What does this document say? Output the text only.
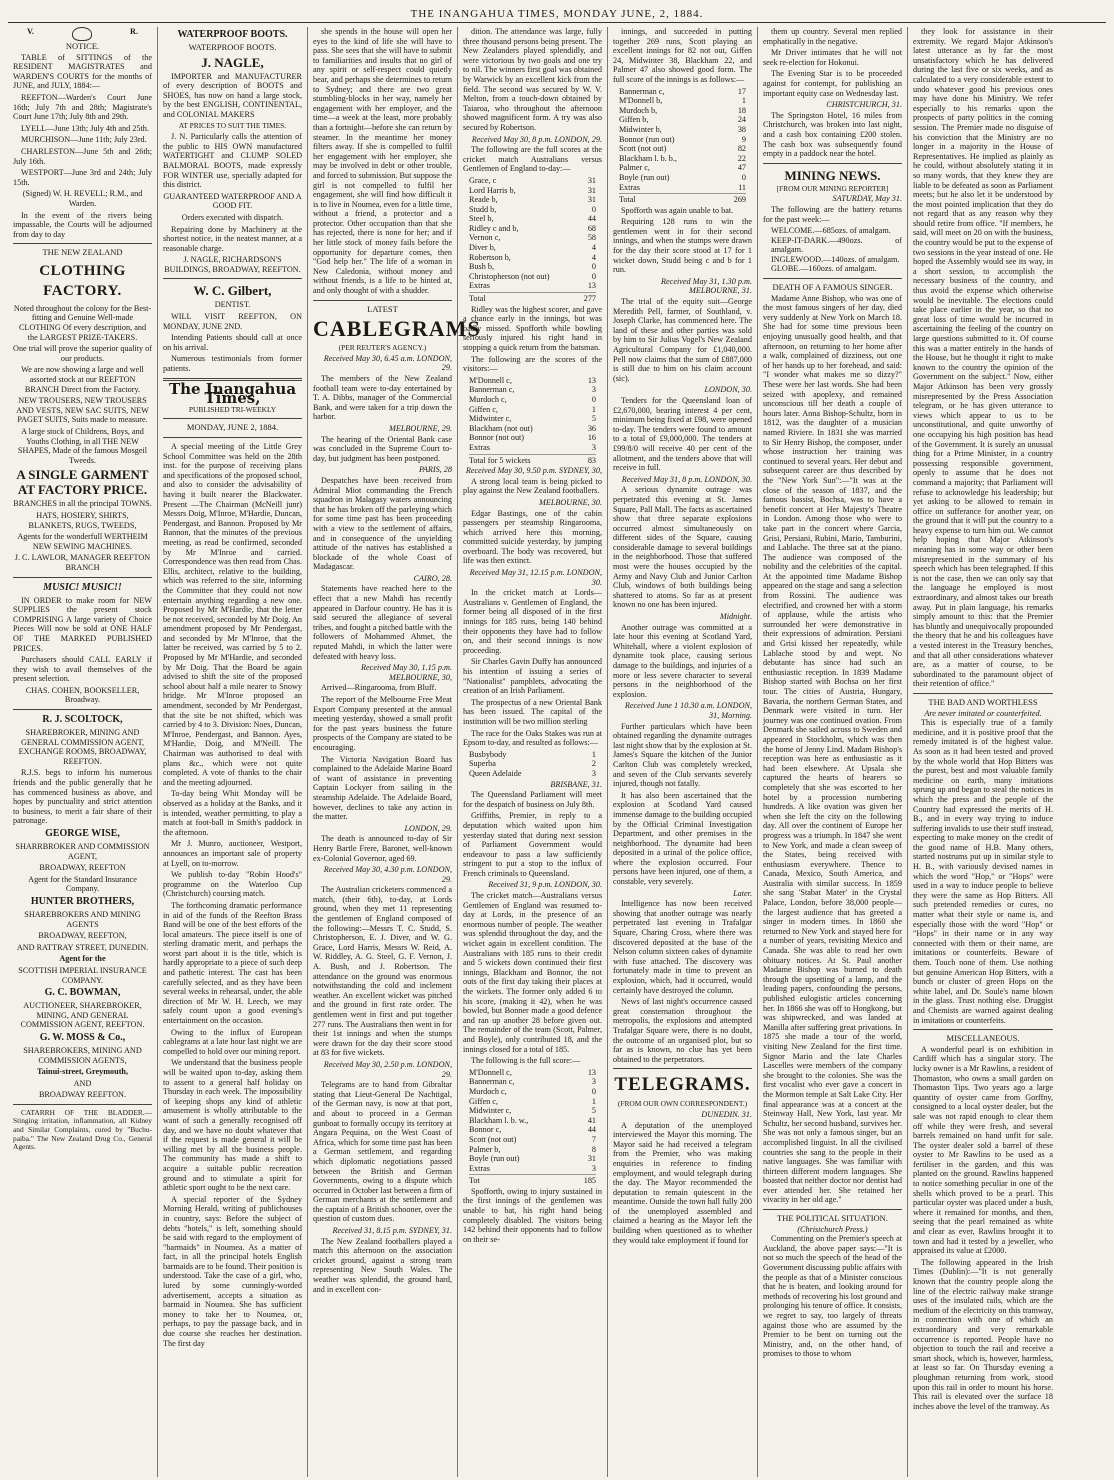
THE INANGAHUA TIMES, MONDAY JUNE, 2, 1884.
V.	R.
NOTICE.

TABLE of SITTINGS of the RESIDENT MAGISTRATES and WARDEN'S COURTS for the months of JUNE, and JULY, 1884:—

REEFTON—Warden's Court June 16th; July 7th and 28th; Magistrate's Court June 17th; July 8th and 29th.

LYELL—June 13th; July 4th and 25th.

MURCHISON—June 11th; July 23rd.

CHARLESTON—June 5th and 26th; July 16th.

WESTPORT—June 3rd and 24th; July 15th.

(Signed) W. H. REVELL; R.M., and Warden.

In the event of the rivers being impassable, the Courts will be adjourned from day to day

THE NEW ZEALAND
CLOTHING FACTORY.

Noted throughout the colony for the Best-fitting and Genuine Well-made CLOTHING Of every description, and the LARGEST PRIZE-TAKERS.

One trial will prove the superior quality of our products.

We are now showing a large and well assorted stock at our REEFTON BRANCH Direct from the Factory.

NEW TROUSERS, NEW TROUSERS AND VESTS, NEW SAC SUITS, NEW PAGET SUITS, Suits made to measure.

A large stock of Childrens, Boys, and Youths Clothing, in all THE NEW SHAPES, Made of the famous Mosgeil Tweeds.

A SINGLE GARMENT AT FACTORY PRICE.

BRANCHES in all the principal TOWNS.

HATS, HOSIERY, SHIRTS, BLANKETS, RUGS, TWEEDS,

Agents for the wonderfull WERTHEIM NEW SEWING MACHINES.

J. C. LAWLOR, MANAGER REEFTON BRANCH

MUSIC! MUSIC!!

IN ORDER to make room for NEW SUPPLIES the present stock COMPRISING A large variety of Choice Pieces Will now be sold at ONE HALF OF THE MARKED PUBLISHED PRICES.

Purchasers should CALL EARLY if they wish to avail themselves of the present selection.

CHAS. COHEN, BOOKSELLER, Broadway.

R. J. SCOLTOCK,

SHAREBROKER, MINING AND GENERAL COMMISSION AGENT, EXCHANGE ROOMS, BROADWAY, REEFTON.

R.J.S. begs to inform his numerous friends and the public generally that he has commenced business as above, and hopes by punctuality and strict attention to business, to merit a fair share of their patronage.

GEORGE WISE,

SHARRBROKER AND COMMISSION AGENT,

BROADWAY, REEFTON

Agent for the Standard Insurance Company.

HUNTER BROTHERS,

SHAREBROKERS AND MINING AGENTS

BROADWAY, REEFTON,

AND RATTRAY STREET, DUNEDIN.

Agent for the

SCOTTISH IMPERIAL INSURANCE COMPANY.

G. C. BOWMAN,

AUCTIONEER, SHAREBROKER, MINING, AND GENERAL COMMISSION AGENT, REEFTON.

G. W. MOSS & Co.,

SHAREBROKERS, MINING AND COMMISSION AGENTS,

Tainui-street, Greymouth,

AND

BROADWAY REEFTON.

CATARRH OF THE BLADDER.—Stinging irritation, inflammation, all Kidney and Similar Complaints, cured by "Buchu-paiba." The New Zealand Drug Co., General Agents.

WATERPROOF BOOTS.
WATERPROOF BOOTS.
J. NAGLE,

IMPORTER and MANUFACTURER of every description of BOOTS and SHOES, has now on hand a large stock, by the best ENGLISH, CONTINENTAL, and COLONIAL MAKERS

AT PRICES TO SUIT THE TIMES.

J. N. Particularly calls the attention of the public to HIS OWN manufactured WATERTIGHT and CLUMP SOLED BALMORAL BOOTS, made expressly FOR WINTER use, specially adapted for this district.

GUARANTEED WATERPROOF AND A GOOD FIT.

Orders executed with dispatch.

Repairing done by Machinery at the shortest notice, in the neatest manner, at a reasonable charge.

J. NAGLE, RICHARDSON'S BUILDINGS, BROADWAY, REEFTON.

W. C. Gilbert,

DENTIST.

WILL VISIT REEFTON, ON MONDAY, JUNE 2ND.

Intending Patients should call at once on his arrival.

Numerous testimonials from former patients.

The Inangahua Times,
PUBLISHED TRI-WEEKLY
MONDAY, JUNE 2, 1884.

A special meeting of the Little Grey School Committee was held on the 28th inst. for the purpose of receiving plans and specifications of the proposed school, and also to consider the advisability of having it built nearer the Blackwater. Present —The Chairman (McNeill junr) Messrs Doig, M'Inroe, M'Hardie, Duncan, Pendergast, and Bannon. Proposed by Mr Bannon, that the minutes of the previous meeting, as read be confirmed, seconded by Mr M'Inroe and carried. Correspondence was then read from Chas. Ellis, architect, relative to the building, which was referred to the site, informing the Committee that they could not now entertain anything regarding a new one. Proposed by Mr M'Hardie, that the letter be not received, seconded by Mr Doig. An amendment proposed by Mr Pendergast, and seconded by Mr M'Inroe, that the latter be received, was carried by 5 to 2. Proposed by Mr M'Hardie, and seconded by Mr Doig. That the Board be again advised to shift the site of the proposed school about half a mile nearer to Snowy bridge. Mr M'Inroe proposed an amendment, seconded by Mr Pendergast, that the site be not shifted, which was carried by 4 to 3. Division: Noes, Duncan, M'Inroe, Pendergast, and Bannon. Ayes, M'Hardie, Doig, and M'Neill. The Chairman was authorised to deal with plans &c., which were not quite completed. A vote of thanks to the chair and the meeting adjourned.

To-day being Whit Monday will be observed as a holiday at the Banks, and it is intended, weather permitting, to play a match at foot-ball in Smith's paddock in the afternoon.

Mr J. Munro, auctioneer, Westport, announces an important sale of property at Lyell, on to-morrow.

We publish to-day "Robin Hood's" programme on the Waterloo Cup (Christchurch) coursing match.

The forthcoming dramatic performance in aid of the funds of the Reefton Brass Band will be one of the best efforts of the local amateurs. The piece itself is one of sterling dramatic merit, and perhaps the worst part about it is the title, which is hardly appropriate to a piece of such deep and pathetic interest. The cast has been carefully selected, and as they have been several weeks in rehearsal, under, the able direction of Mr W. H. Leech, we may safely count upon a good evening's entertainment on the occasion.

Owing to the influx of European cablegrams at a late hour last night we are compelled to hold over our mining report.

We understand that the business people will be waited upon to-day, asking them to assent to a general half holiday on Thursday in each week. The impossibility of keeping shops any kind of athletic amusement is wholly attributable to the want of such a generally recognised off day, and we have no doubt whatever that if the request is made general it will be willing met by all the business people. The community has made a shift to acquire a suitable public recreation ground and to stimulate a spirit for athletic sport ought to be the next care.

A special reporter of the Sydney Morning Herald, writing of publichouses in country, says: Before the subject of debts "hotels," is left, something should be said with regard to the employment of "barmaids" in Noumea. As a matter of fact, in all the principal hotels English barmaids are to be found. Their position is understood. Take the case of a girl, who, lured by some cunningly-worded advertisement, accepts a situation as barmaid in Noumea. She has sufficient money to take her to Noumea, or, perhaps, to pay the passage back, and in due course she reaches her destination. The first day

she spends in the house will open her eyes to the kind of life she will have to pass. She sees that she will have to submit to familiarities and insults that no girl of any spirit or self-respect could quietly bear, and perhaps she determines to return to Sydney; and there are two great stumbling-blocks in her way, namely her engagement with her employer, and the time—a week at the least, more probably than a fortnight—before she can return by steamer. In the meantime her money filters away. If she is compelled to fulfil her engagement with her employer, she may be involved in debt or other trouble, and forced to submission. But suppose the girl is not compelled to fulfil her engagement, she will find how difficult it is to live in Noumea, even for a little time, without a friend, a protector and a protector. Other occupation than that she has rejected, there is none for her; and if her little stock of money fails before the opportunity for departure comes, then "God help her." The life of a woman in New Caledonia, without money and without friends, is a life to be hinted at, and only thought of with a shudder.

LATEST
CABLEGRAMS
(PER REUTER'S AGENCY.)
Received May 30, 6.45 a.m. LONDON, 29.

The members of the New Zealand football team were to-day entertained by T. A. Dibbs, manager of the Commercial Bank, and were taken for a trip down the harbor.

MELBOURNE, 29.

The hearing of the Oriental Bank case was concluded in the Supreme Court to-day, but judgment has been postponed.

PARIS, 28

Despatches have been received from Admiral Miot commanding the French squadron in Malagasy waters announcing that he has broken off the parleying which for some time past has been proceeding with a view to the settlement of affairs, and in consequence of the unyielding attitude of the natives has established a blockade of the whole Coast of Madagascar.

CAIRO, 28.

Statements have reached here to the effect that a new Mahdi has recently appeared in Darfour country. He has it is said secured the allegiance of several tribes, and fought a pitched battle with the followers of Mohammed Ahmet, the reputed Mahdi, in which the latter were defeated with heavy loss.

Received May 30, 1.15 p.m. MELBOURNE, 30,

Arrived—Ringarooma, from Bluff.

The report of the Melbourne Free Meat Export Company presented at the annual meeting yesterday, showed a small profit for the past years business the future prospects of the Company are stated to be encouraging.

The Victoria Navigation Board has complained to the Adelaide Marine Board of want of assistance in preventing Captain Lockyer from sailing in the steamship Adelaide. The Adelaide Board, however, declines to take any action in the matter.

LONDON, 29.

The death is announced to-day of Sir Henry Bartle Frere, Baronet, well-known ex-Colonial Governor, aged 69.

Received May 30, 4.30 p.m. LONDON, 29.

The Australian cricketers commenced a match, (their 6th), to-day, at Lords ground, when they met 11 representing the gentlemen of England composed of the following:—Messrs T. C. Studd, S. Christopherson, E. J. Diver, and W. G. Grace, Lord Harris, Messrs W. Reid, A. W. Riddley, A. G. Steel, G. F. Vernon, J. A. Bush, and J. Robertson. The attendance on the ground was enormous notwithstanding the cold and inclement weather. An excellent wicket was pitched and the ground in first rate order. The gentlemen went in first and put together 277 runs. The Australians then went in for their 1st innings and when the stumps were drawn for the day their score stood at 83 for five wickets.

Received May 30, 2.50 p.m. LONDON, 29.

Telegrams are to hand from Gibraltar stating that Lieut-General De Nachtigal, of the German navy, is now at that port, and about to proceed in a German gunboat to formally occupy its territory at Angara Pequina, on the West Coast of Africa, which for some time past has been a German settlement, and regarding which diplomatic negotiations passed between the British and German Governments, owing to a dispute which occurred in October last between a firm of German merchants at the settlement and the captain of a British schooner, over the question of custom dues.

Received 31, 8.15 p.m. SYDNEY, 31.

The New Zealand footballers played a match this afternoon on the association cricket ground, against a strong team representing New South Wales. The weather was splendid, the ground hard, and in excellent con-

dition. The attendance was large, fully three thousand persons being present. The New Zealanders played splendidly, and were victorious by two goals and one try to nil. The winners first goal was obtained by Warwick by an excellent kick from the field. The second was secured by W. V. Melton, from a touch-down obtained by Taiaroa, who throughout the afternoon showed magnificent form. A try was also secured by Robertson.

Received May 30, 8 p.m. LONDON, 29.

The following are the full scores at the cricket match Australians versus Gentlemen of England to-day:—

Grace, c	31
Lord Harris b,	31
Reade b,	31
Studd b,	0
Steel b,	44
Ridley c and b,	68
Vernon c,	58
Diver b,	4
Robertson b,	4
Bush b,	0
Christopherson (not out)	0
Extras	13
Total	277

Ridley was the highest scorer, and gave a chance early in the innings, but was badly missed. Spofforth while bowling seriously injured his right hand in stopping a quick return from the batsman.

The following are the scores of the visitors:—

M'Donnell c,	13
Bannerman c,	3
Murdoch c,	0
Giffen c,	1
Midwinter c,	5
Blackham (not out)	36
Bonnor (not out)	16
Extras	3
Total for 5 wickets	83
Received May 30, 9.50 p.m. SYDNEY, 30,

A strong local team is being picked to play against the New Zealand footballers.

MELBOURNE, 30.

Edgar Bastings, one of the cabin passengers per steamship Ringarooma, which arrived here this morning, committed suicide yesterday, by jumping overboard. The body was recovered, but life was then extinct.

Received May 31, 12.15 p.m. LONDON, 30.

In the cricket match at Lords—Australians v. Gentlemen of England, the former being all disposed of in the first innings for 185 runs, being 140 behind their opponents they have had to follow on, and their second innings is now proceeding.

Sir Charles Gavin Duffy has announced his intention of issuing a series of "Nationalist" pamphlets, advocating the creation of an Irish Parliament.

The prospectus of a new Oriental Bank has been issued. The capital of the institution will be two million sterling

The race for the Oaks Stakes was run at Epsom to-day, and resulted as follows:—

Busbybody	1
Superba	2
Queen Adelaide	3
BRISBANE, 31.

The Queensland Parliament will meet for the despatch of business on July 8th.

Griffiths, Premier, in reply to a deputation which waited upon him yesterday stated that during next session of Parliament Government would endeavour to pass a law sufficiently stringent to put a stop to the influx of French criminals to Queensland.

Received 31, 9 p.m. LONDON, 30.

The cricket match—Australians versus Gentlemen of England was resumed to-day at Lords, in the presence of an enormous number of people. The weather was splendid throughout the day, and the wicket again in excellent condition. The Australians with 185 runs to their credit and 5 wickets down continued their first innings, Blackham and Bonnor, the not outs of the first day taking their places at the wickets. The former only added 6 to his score, (making it 42), when he was bowled, but Bonner made a good defence and ran up another 28 before given out. The remainder of the team (Scott, Palmer, and Boyle), only contributed 18, and the innings closed for a total of 185.

The following is the full score:—

M'Donnell c,	13
Bannerman c,	3
Murdoch c,	0
Giffen c,	1
Midwinter c,	5
Blackham l. b. w.,	41
Bonnor c,	44
Scott (not out)	7
Palmer b,	8
Boyle (run out)	31
Extras	3
Tot	185

Spofforth, owing to injury sustained in the first innings of the gentlemen was unable to bat, his right hand being completely disabled. The visitors being 142 behind their opponents had to follow on their se-

innings, and succeeded in putting together 269 runs, Scott playing an excellent innings for 82 not out, Giffen 24, Midwinter 38, Blackham 22, and Palmer 47 also showed good form. The full score of the innings is as follows:—

Bannerman c,	17
M'Donnell b,	1
Murdoch b,	18
Giffen b,	24
Midwinter b,	38
Bonnor (run out)	9
Scott (not out)	82
Blackham l. b. b.,	22
Palmer c,	47
Boyle (run out)	0
Extras	11
Total	269

Spofforth was again unable to bat.

Requiring 128 runs to win the gentlemen went in for their second innings, and when the stumps were drawn for the day their score stood at 17 for 1 wicket down, Studd being c and b for 1 run.

Received May 31, 1.30 p.m. MELBOURNE, 31.

The trial of the equity suit—George Meredith Pell, farmer, of Southland, v. Joseph Clarke, has commenced here. The land of these and other parties was sold by him to Sir Julius Vogel's New Zealand Agricultural Company for £1,040,000. Pell now claims that the sum of £887,000 is still due to him on his claim account (sic).

LONDON, 30.

Tenders for the Queensland loan of £2,670,000, bearing interest 4 per cent, minimum being fixed at £98, were opened to-day. The tenders were found to amount to a total of £9,000,000. The tenders at £99/8/0 will receive 40 per cent of the allotment, and the tenders above that will receive in full.

Received May 31, 8 p.m. LONDON, 30.

A serious dynamite outrage was perpetrated this evening at St. James Square, Pall Mall. The facts as ascertained show that three separate explosions occurred almost simultaneously on different sides of the Square, causing considerable damage to several buildings in the neighborhood. Those that suffered most were the houses occupied by the Army and Navy Club and Junior Carlton Club, windows of both buildings being shattered to atoms. So far as at present known no one has been injured.

Midnight.

Another outrage was committed at a late hour this evening at Scotland Yard, Whitehall, where a violent explosion of dynamite took place, causing serious damage to the buildings, and injuries of a more or less severe character to several persons in the neighborhood of the explosion.

Received June 1 10.30 a.m. LONDON, 31, Morning.

Further particulars which have been obtained regarding the dynamite outrages last night show that by the explosion at St. James's Square the kitchen of the Junior Carlton Club was completely wrecked, and seven of the Club servants severely injured, though not fatally.

It has also been ascertained that the explosion at Scotland Yard caused immense damage to the building occupied by the Official Criminal Investigation Department, and other premises in the neighborhood. The dynamite had been deposited in a urinal of the police office, where the explosion occurred. Four persons have been injured, one of them, a constable, very severely.

Later.

Intelligence has now been received showing that another outrage was nearly perpetrated last evening in Trafalgar Square, Charing Cross, where there was discovered deposited at the base of the Nelson column sixteen cakes of dynamite with fuse attached. The discovery was fortunately made in time to prevent an explosion, which, had it occurred, would certainly have destroyed the column.

News of last night's occurrence caused great consternation throughout the metropolis, the explosions and attempted Trafalgar Square were, there is no doubt, the outcome of an organised plot, but so far as is known, no clue has yet been obtained to the perpetrators.

TELEGRAMS.
(FROM OUR OWN CORRESPONDENT.)
DUNEDIN. 31.

A deputation of the unemployed interviewed the Mayor this morning. The Mayor said he had received a telegram from the Premier, who was making enquiries in reference to finding employment, and would telegraph during the day. The Mayor recommended the deputation to remain quiescent in the meantime. Outside the town hall fully 200 of the unemployed assembled and claimed a hearing as the Mayor left the building when questioned as to whether they would take employment if found for

them up country. Several men replied emphatically in the negative.

Mr Driver intimates that he will not seek re-election for Hokonui.

The Evening Star is to be proceeded against for contempt, for publishing an important equity case on Wednesday last.

CHRISTCHURCH, 31.

The Springston Hotel, 16 miles from Christchurch, was broken into last night, and a cash box containing £200 stolen. The cash box was subsequently found empty in a paddock near the hotel.

MINING NEWS.
[FROM OUR MINING REPORTER]
SATURDAY, May 31.

The following are the battery returns for the past week:—

WELCOME.—685ozs. of amalgam.
KEEP-IT-DARK.—490ozs. of amalgam.
INGLEWOOD.—140ozs. of amalgam.
GLOBE.—160ozs. of amalgam.
DEATH OF A FAMOUS SINGER.

Madame Anne Bishop, who was one of the most famous singers of her day, died very suddenly at New York on March 18. She had for some time previous been enjoying unusually good health, and that afternoon, on returning to her home after a walk, complained of dizziness, out one of her hands up to her forehead, and said: "I wonder what makes me so dizzy?" These were her last words. She had been seized with apoplexy, and remained unconscious till her death a couple of hours later. Anna Bishop-Schultz, born in 1812, was the daughter of a musician named Riviere. In 1831 she was married to Sir Henry Bishop, the composer, under whose instruction her training was continued to several years. Her debut and subsequent career are thus described by the "New York Sun":—"It was at the close of the season of 1837, and the famous bassist, Bochsa, was to have a benefit concert at Her Majesty's Theatre in London. Among those who were to take part in the concert where Garcia, Grisi, Persiani, Rubini, Mario, Tamburini, and Lablache. The three sat at the piano. The audience was composed of the nobility and the celebrities of the capital. At the appointed time Madame Bishop appeared on the stage and sang a selection from Rossini. The audience was electrified, and crowned her with a storm of applause, while the artists who surrounded her were demonstrative in their expressions of admiration. Persiani and Grisi kissed her repeatedly, while Lablache stood by and wept. No debutante has since had such an enthusiastic reception. In 1839 Madame Bishop started with Bochsa on her first tour. The cities of Austria, Hungary, Bavaria, the northern German States, and Denmark were visited in turn. Her journey was one continued ovation. From Denmark she sailed across to Sweden and appeared in Stockholm, which was then the home of Jenny Lind. Madam Bishop's reception was here as enthusiastic as it had been elsewhere. At Upsala she captured the hearts of hearers so completely that she was escorted to her hotel by a procession numbering hundreds. A like ovation was given her when she left the city on the following day. All over the continent of Europe her progress was a triumph. In 1847 she went to New York, and made a clean sweep of the States, being received with enthusiasm everywhere. Thence to Canada, Mexico, South America, and Australia with similar success. In 1859 she sang 'Stabat Mater' in the Crystal Palace, London, before 38,000 people—the largest audience that has greeted a singer in modern times. In 1860 she returned to New York and stayed here for a number of years, revisiting Mexico and Canada. She was able to read her own obituary notices. At St. Paul another Madame Bishop was burned to death through the upsetting of a lamp, and the leading papers, confounding the persons, published eulogistic articles concerning her. In 1866 she was off to Hongkong, but was shipwrecked, and was landed at Manilla after suffering great privations. In 1875 she made a tour of the world, visiting New Zealand for the first time. Signor Mario and the late Charles Lascelles were members of the company she brought to the colonies. She was the first vocalist who ever gave a concert in the Mormon temple at Salt Lake City. Her final appearance was at a concert at the Steinway Hall, New York, last year. Mr Schultz, her second husband, survives her. She was not only a famous singer, but an accomplished linguist. In all the civilised countries she sang to the people in their native languages. She was familiar with thirteen different modern languages. She boasted that neither doctor nor dentist had ever attended her. She retained her vivacity in her old age."

THE POLITICAL SITUATION.
(Christchurch Press.)

Commenting on the Premier's speech at Auckland, the above paper says:—"It is not so much the speech of the head of the Government discussing public affairs with the people as that of a Minister conscious that he is beaten, and looking around for methods of recovering his lost ground and prolonging his tenure of office. It consists, we regret to say, too largely of threats against those who are assumed by the Premier to be bent on turning out the Ministry, and, on the other hand, of promises to those to whom

they look for assistance in their extremity. We regard Major Atkinson's latest utterance as by far the most unsatisfactory which he has delivered during the last five or six weeks, and as calculated to a very considerable extent to undo whatever good his previous ones may have done his Ministry. We refer especially to his remarks upon the prospects of party politics in the coming session. The Premier made no disguise of his conviction that the Ministry are no longer in a majority in the House of Representatives. He implied as plainly as he could, without absolutely stating it in so many words, that they knew they are liable to be defeated as soon as Parliament meets; but he also let it be understood by the most pointed implication that they do not regard that as any reason why they should retire from office. "If members, he said, will meet on 20 on with the business, the country would be put to the expense of two sessions in the year instead of one. He hoped the Assembly would see its way, in a short session, to accomplish the necessary business of the country, and thus avoid the expense which otherwise would be inevitable. The elections could take place earlier in the year, so that no great loss of time would be incurred in ascertaining the feeling of the country on large questions submitted to it. Of course this was a matter entirely in the hands of the House, but he thought it right to make known to the country the opinion of the Government on the subject." Now, either Major Atkinson has been very grossly misrepresented by the Press Association telegram, or he has given utterance to views which appear to us to be unconstitutional, and quite unworthy of one occupying his high position has head of the Government. It is surely an unusual thing for a Prime Minister, in a country possessing responsible government, openly to assume that he does not command a majority; that Parliament will refuse to acknowledge his leadership; but yet asking to be allowed to remain in office on sufferance for another year, on the ground that it will put the country to a heavy expense to turn him out. We cannot help hoping that Major Atkinson's meaning has in some way or other been misrepresented in the summary of his speech which has been telegraphed. If this is not the case, then we can only say that the language he employed is most extraordinary, and almost takes our breath away. Put in plain language, his remarks simply amount to this: that the Premier has bluntly and unequivocally propounded the theory that he and his colleagues have a vested interest in the Treasury benches, and that all other considerations whatever are, as a matter of course, to be subordinated to the paramount object of their retention of office."

THE BAD AND WORTHLESS
Are never imitated or counterfeited.

This is especially true of a family medicine, and it is positive proof that the remedy imitated is of the highest value. As soon as it had been tested and proved by the whole world that Hop Bitters was the purest, best and most valuable family medicine on earth, many imitations sprung up and began to steal the notices in which the press and the people of the Country had expressed the merits of H. B., and in every way trying to induce suffering invalids to use their stuff instead, expecting to make money on the credit of the good name of H.B. Many others, started nostrums put up in similar style to H. B., with variously devised names in which the word "Hop," or "Hops" were used in a way to induce people to believe they were the same as Hop Bitters. All such pretended remedies or cures, no matter what their style or name is, and especially those with the word "Hop" or "Hops" in their name or in any way connected with them or their name, are imitations or counterfeits. Beware of them. Touch none of them. Use nothing but genuine American Hop Bitters, with a bunch or cluster of green Hops on the white label, and Dr. Soule's name blown in the glass. Trust nothing else. Druggist and Chemists are warned against dealing in imitations or counterfeits.

MISCELLANEOUS.

A wonderful pearl is on exhibition in Cardiff which has a singular story. The lucky owner is a Mr Rawlins, a resident of Thomaston, who owns a small garden on Thomaston Tips. Two years ago a large quantity of oyster came from Gorffny, consigned to a local oyster dealer, but the sale was not rapid enough to clear them off while they were fresh, and several barrels remained on hand unfit for sale. The oyster dealer sold a barrel of these oyster to Mr Rawlins to be used as a fertiliser in the garden, and this was planted on the ground. Rawlins happened to notice something peculiar in one of the shells which proved to be a pearl. This particular oyster was placed under a bush, where it remained for months, and then, seeing that the pearl remained as white and clear as ever, Rawlins brought it to town and had it tested by a jeweller, who appraised its value at £2000.

The following appeared in the Irish Times (Dublin):—"It is not generally known that the country people along the line of the electric railway make strange uses of the insulated rails, which are the medium of the electricity on this tramway, in connection with one of which an extraordinary and very remarkable occurrence is reported. People have no objection to touch the rail and receive a smart shock, which is, however, harmless, at least so far. On Thursday evening a ploughman returning from work, stood upon this rail in order to mount his horse. This rail is elevated over the surface 18 inches above the level of the tramway. As
